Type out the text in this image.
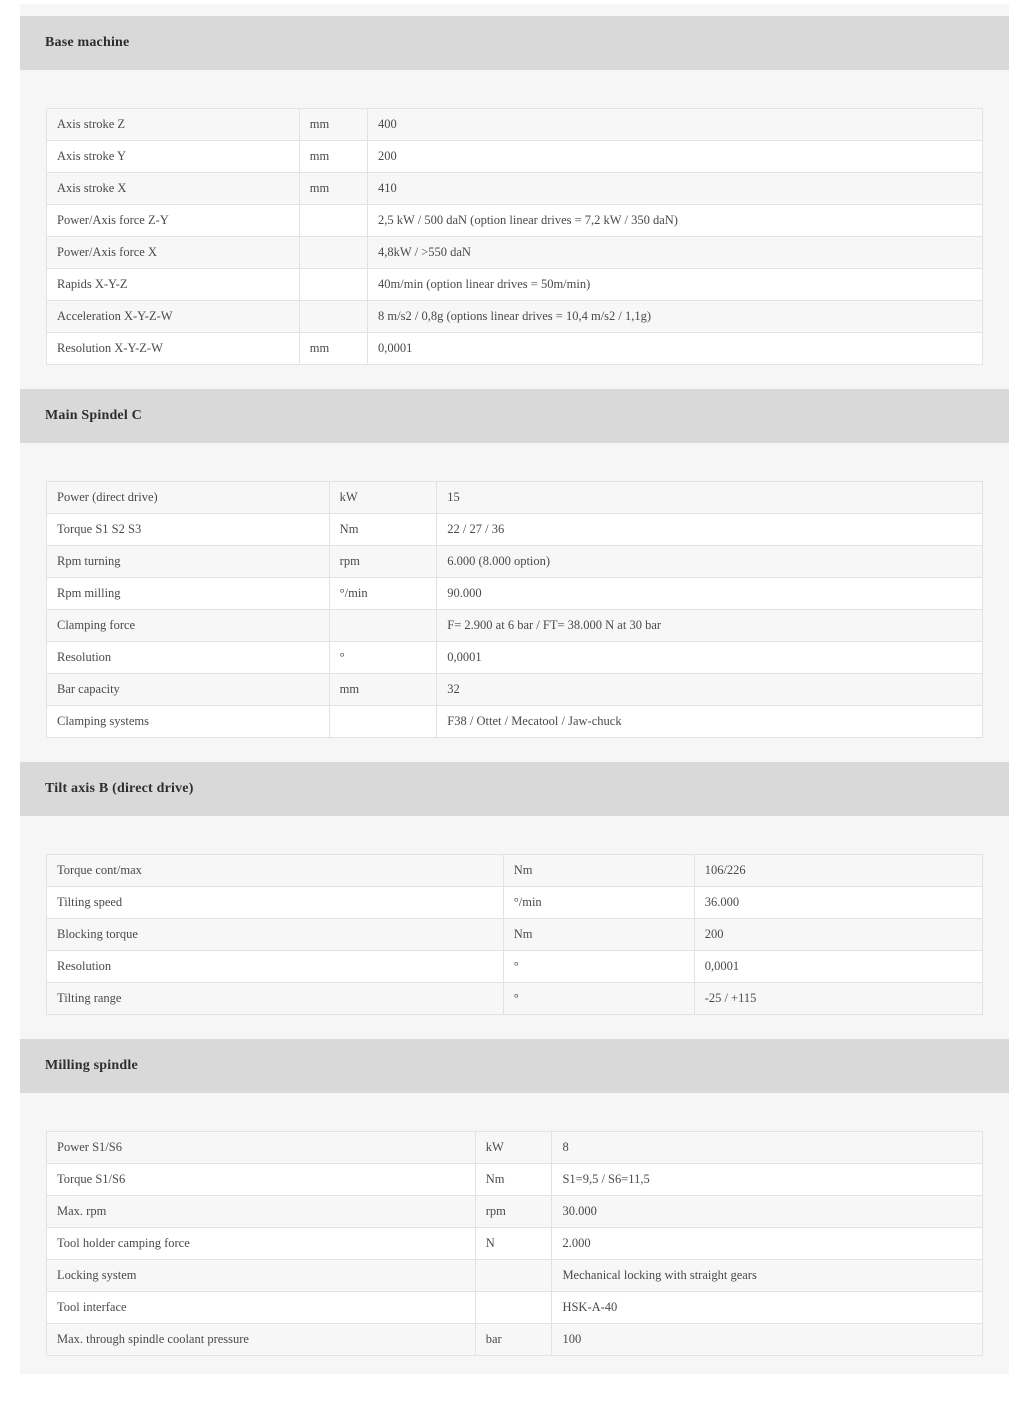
Base machine
Axis stroke Z	mm	400
Axis stroke Y	mm	200
Axis stroke X	mm	410
Power/Axis force Z-Y		2,5 kW / 500 daN (option linear drives = 7,2 kW / 350 daN)
Power/Axis force X		4,8kW / >550 daN
Rapids X-Y-Z		40m/min (option linear drives = 50m/min)
Acceleration X-Y-Z-W		8 m/s2 / 0,8g (options linear drives = 10,4 m/s2 / 1,1g)
Resolution X-Y-Z-W	mm	0,0001
Main Spindel C
Power (direct drive)	kW	15
Torque S1 S2 S3	Nm	22 / 27 / 36
Rpm turning	rpm	6.000 (8.000 option)
Rpm milling	°/min	90.000
Clamping force		F= 2.900 at 6 bar / FT= 38.000 N at 30 bar
Resolution	°	0,0001
Bar capacity	mm	32
Clamping systems		F38 / Ottet / Mecatool / Jaw-chuck
Tilt axis B (direct drive)
Torque cont/max	Nm	106/226
Tilting speed	°/min	36.000
Blocking torque	Nm	200
Resolution	°	0,0001
Tilting range	°	-25 / +115
Milling spindle
Power S1/S6	kW	8
Torque S1/S6	Nm	S1=9,5 / S6=11,5
Max. rpm	rpm	30.000
Tool holder camping force	N	2.000
Locking system		Mechanical locking with straight gears
Tool interface		HSK-A-40
Max. through spindle coolant pressure	bar	100
